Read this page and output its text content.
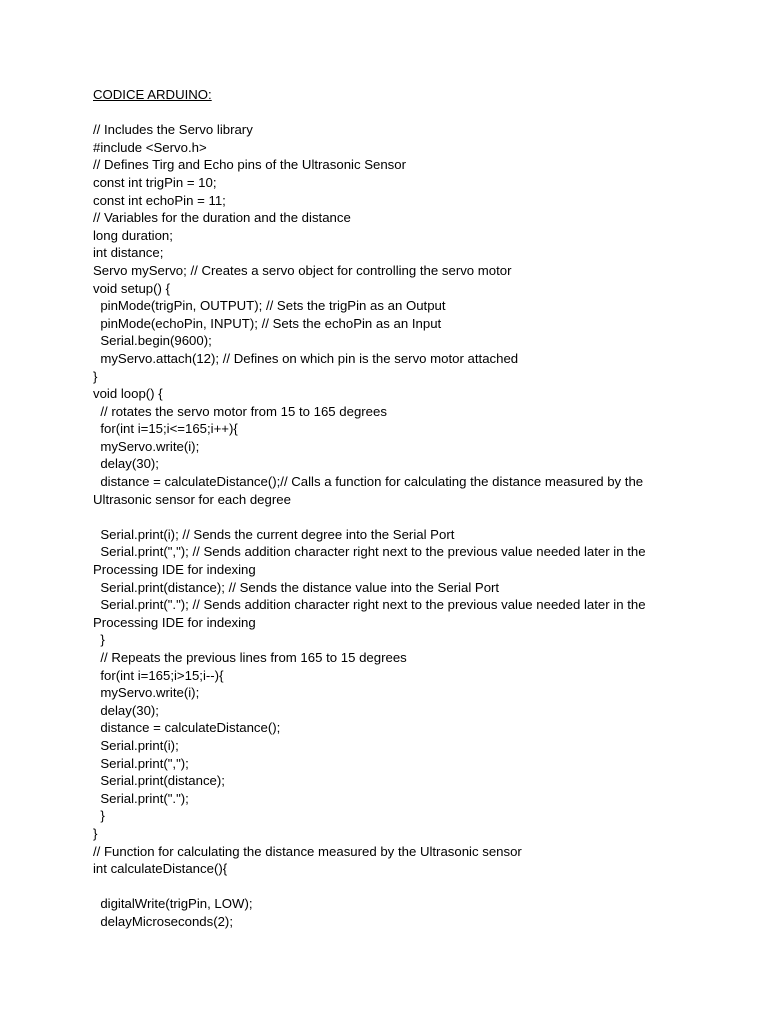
CODICE ARDUINO:
// Includes the Servo library
#include <Servo.h>
// Defines Tirg and Echo pins of the Ultrasonic Sensor
const int trigPin = 10;
const int echoPin = 11;
// Variables for the duration and the distance
long duration;
int distance;
Servo myServo; // Creates a servo object for controlling the servo motor
void setup() {
pinMode(trigPin, OUTPUT); // Sets the trigPin as an Output
pinMode(echoPin, INPUT); // Sets the echoPin as an Input
Serial.begin(9600);
myServo.attach(12); // Defines on which pin is the servo motor attached
}
void loop() {
// rotates the servo motor from 15 to 165 degrees
for(int i=15;i<=165;i++){
myServo.write(i);
delay(30);
distance = calculateDistance();// Calls a function for calculating the distance measured by the Ultrasonic sensor for each degree
Serial.print(i); // Sends the current degree into the Serial Port
Serial.print(","); // Sends addition character right next to the previous value needed later in the Processing IDE for indexing
Serial.print(distance); // Sends the distance value into the Serial Port
Serial.print("."); // Sends addition character right next to the previous value needed later in the Processing IDE for indexing
}
// Repeats the previous lines from 165 to 15 degrees
for(int i=165;i>15;i--){
myServo.write(i);
delay(30);
distance = calculateDistance();
Serial.print(i);
Serial.print(",");
Serial.print(distance);
Serial.print(".");
}
}
// Function for calculating the distance measured by the Ultrasonic sensor
int calculateDistance(){
digitalWrite(trigPin, LOW);
delayMicroseconds(2);
